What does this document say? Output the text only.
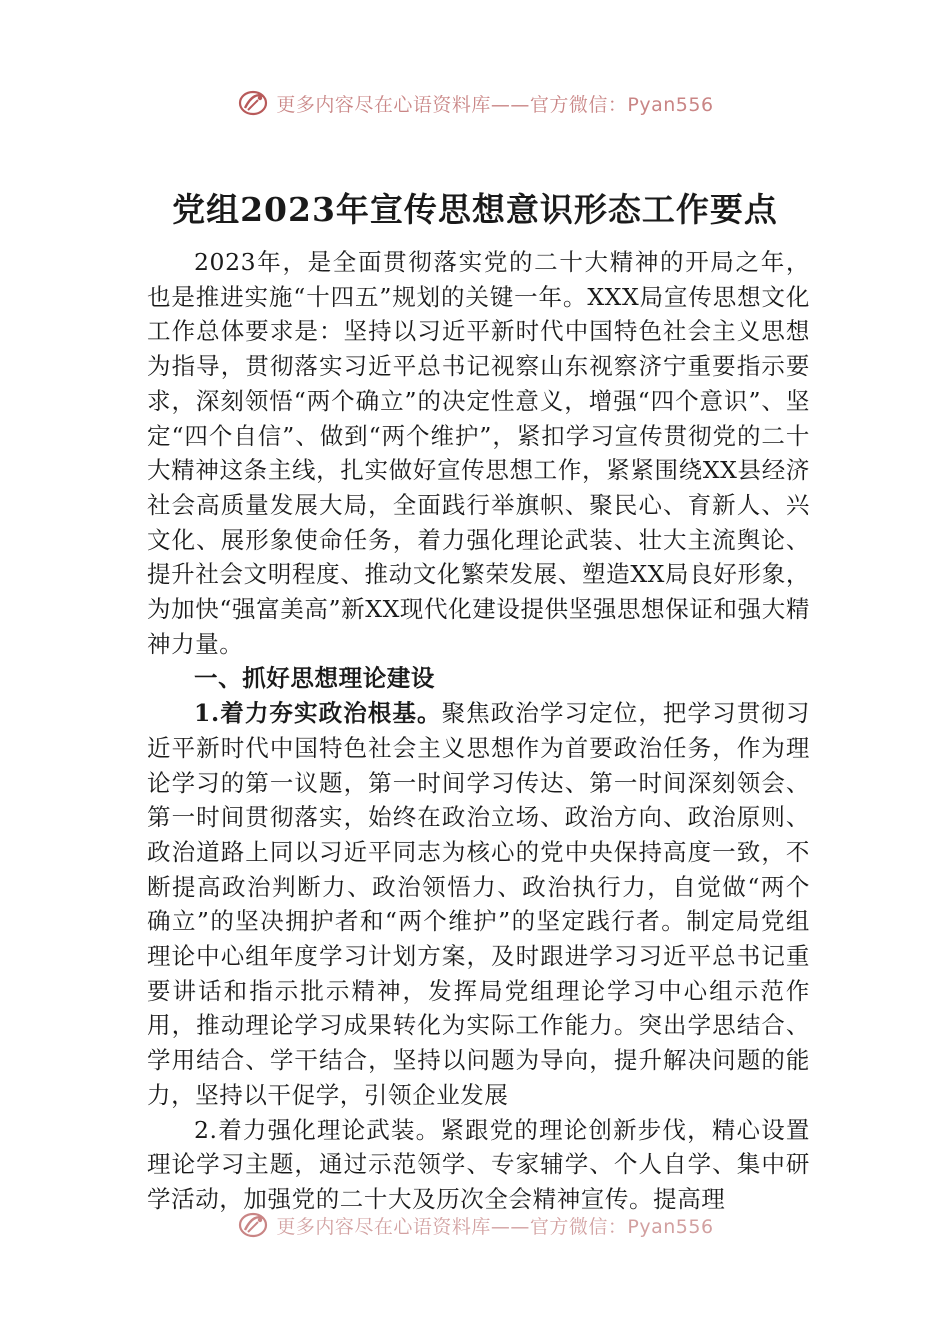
更多内容尽在心语资料库——官方微信：Pyan556
党组2023年宣传思想意识形态工作要点

2023年，是全面贯彻落实党的二十大精神的开局之年，也是推进实施“十四五”规划的关键一年。XXX局宣传思想文化工作总体要求是：坚持以习近平新时代中国特色社会主义思想为指导，贯彻落实习近平总书记视察山东视察济宁重要指示要求，深刻领悟“两个确立”的决定性意义，增强“四个意识”、坚定“四个自信”、做到“两个维护”，紧扣学习宣传贯彻党的二十大精神这条主线，扎实做好宣传思想工作，紧紧围绕XX县经济社会高质量发展大局，全面践行举旗帜、聚民心、育新人、兴文化、展形象使命任务，着力强化理论武装、壮大主流舆论、提升社会文明程度、推动文化繁荣发展、塑造XX局良好形象，为加快“强富美高”新XX现代化建设提供坚强思想保证和强大精神力量。

一、抓好思想理论建设

1.着力夯实政治根基。聚焦政治学习定位，把学习贯彻习近平新时代中国特色社会主义思想作为首要政治任务，作为理论学习的第一议题，第一时间学习传达、第一时间深刻领会、第一时间贯彻落实，始终在政治立场、政治方向、政治原则、政治道路上同以习近平同志为核心的党中央保持高度一致，不断提高政治判断力、政治领悟力、政治执行力，自觉做“两个确立”的坚决拥护者和“两个维护”的坚定践行者。制定局党组理论中心组年度学习计划方案，及时跟进学习习近平总书记重要讲话和指示批示精神，发挥局党组理论学习中心组示范作用，推动理论学习成果转化为实际工作能力。突出学思结合、学用结合、学干结合，坚持以问题为导向，提升解决问题的能力，坚持以干促学，引领企业发展

2.着力强化理论武装。紧跟党的理论创新步伐，精心设置理论学习主题，通过示范领学、专家辅学、个人自学、集中研学活动，加强党的二十大及历次全会精神宣传。提高理

更多内容尽在心语资料库——官方微信：Pyan556
